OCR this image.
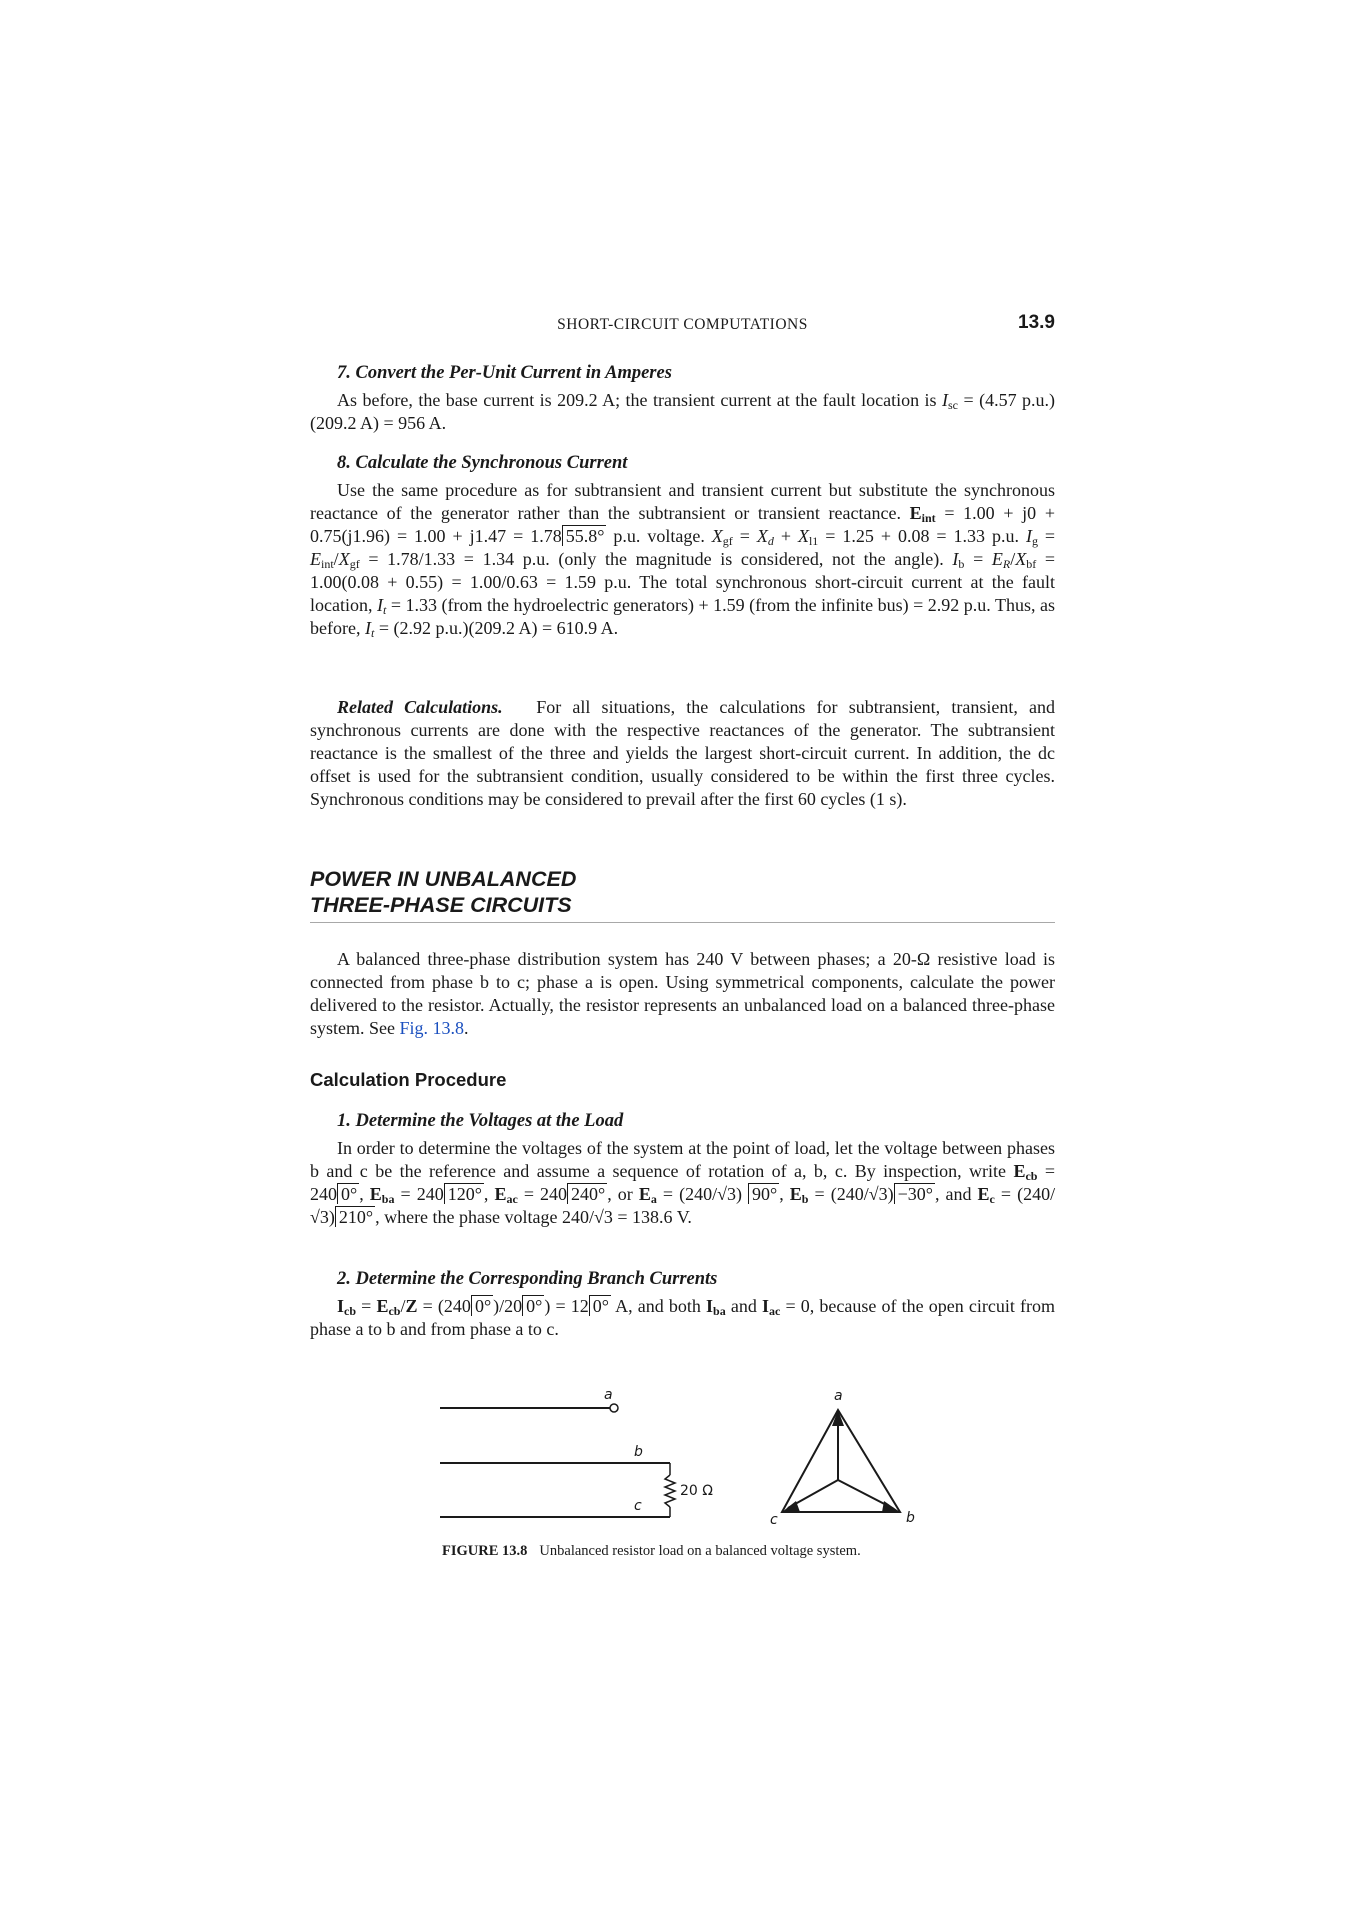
SHORT-CIRCUIT COMPUTATIONS	13.9

7. Convert the Per-Unit Current in Amperes

As before, the base current is 209.2 A; the transient current at the fault location is $I_{sc} = (4.57$ p.u.)(209.2 A) = 956 A.

8. Calculate the Synchronous Current

Use the same procedure as for subtransient and transient current but substitute the synchronous reactance of the generator rather than the subtransient or transient reactance. $E_{int} = 1.00 + j0 + 0.75(j1.96) = 1.00 + j1.47 = 1.78$ 55.8° p.u. voltage. $X_{gf} = X_d + X_{l1} = 1.25 + 0.08 = 1.33$ p.u. $I_g = E_{int}/X_{gf} = 1.78/1.33 = 1.34$ p.u. (only the magnitude is considered, not the angle). $I_b = E_R/X_{bf} = 1.00(0.08 + 0.55) = 1.00/0.63 = 1.59$ p.u. The total synchronous short-circuit current at the fault location, $I_t = 1.33$ (from the hydroelectric generators) + 1.59 (from the infinite bus) = 2.92 p.u. Thus, as before, $I_t = (2.92$ p.u.)(209.2 A) = 610.9 A.

Related Calculations. For all situations, the calculations for subtransient, transient, and synchronous currents are done with the respective reactances of the generator. The subtransient reactance is the smallest of the three and yields the largest short-circuit current. In addition, the dc offset is used for the subtransient condition, usually considered to be within the first three cycles. Synchronous conditions may be considered to prevail after the first 60 cycles (1 s).

POWER IN UNBALANCED
THREE-PHASE CIRCUITS

A balanced three-phase distribution system has 240 V between phases; a 20-Ω resistive load is connected from phase b to c; phase a is open. Using symmetrical components, calculate the power delivered to the resistor. Actually, the resistor represents an unbalanced load on a balanced three-phase system. See Fig. 13.8.

Calculation Procedure

1. Determine the Voltages at the Load

In order to determine the voltages of the system at the point of load, let the voltage between phases b and c be the reference and assume a sequence of rotation of a, b, c. By inspection, write $E_{cb} = 240$ 0° , $E_{ba} = 240$ 120° , $E_{ac} = 240$ 240° , or $E_a = (240/√3)$ 90° , $E_b = (240/√3) -30^\circ$ , and $E_c = (240/√3)$ 210° , where the phase voltage 240/√3 = 138.6 V.

2. Determine the Corresponding Branch Currents

$I_{cb} = E_{cb}/Z = (240$ 0° )/20 0° ) = 12 0° A, and both $I_{ba}$ and $I_{ac} = 0$, because of the open circuit from phase a to b and from phase a to c.

a
b
c
20 Ω
a
b
c
FIGURE 13.8 Unbalanced resistor load on a balanced voltage system.
